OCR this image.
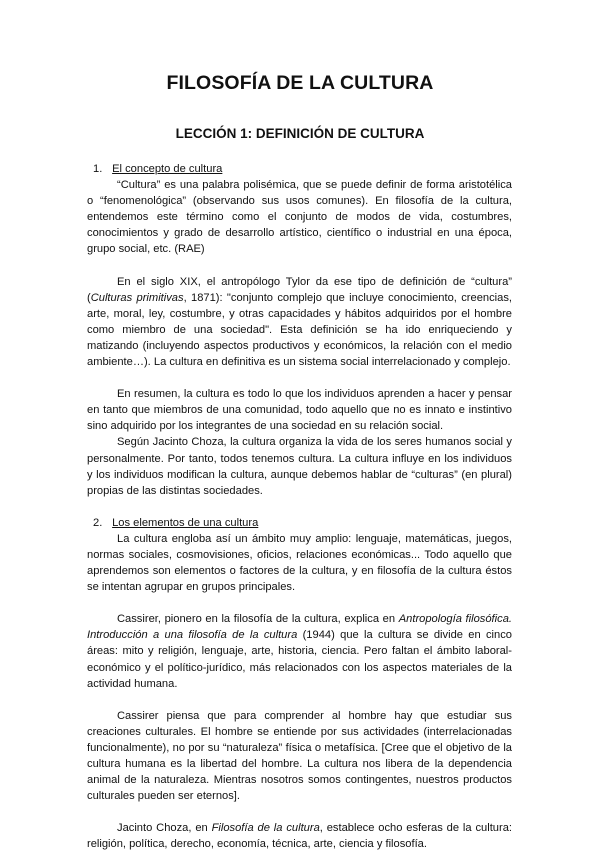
FILOSOFÍA DE LA CULTURA
LECCIÓN 1: DEFINICIÓN DE CULTURA
1. El concepto de cultura

“Cultura” es una palabra polisémica, que se puede definir de forma aristotélica o “fenomenológica” (observando sus usos comunes). En filosofía de la cultura, entendemos este término como el conjunto de modos de vida, costumbres, conocimientos y grado de desarrollo artístico, científico o industrial en una época, grupo social, etc. (RAE)

En el siglo XIX, el antropólogo Tylor da ese tipo de definición de “cultura” (Culturas primitivas, 1871): "conjunto complejo que incluye conocimiento, creencias, arte, moral, ley, costumbre, y otras capacidades y hábitos adquiridos por el hombre como miembro de una sociedad". Esta definición se ha ido enriqueciendo y matizando (incluyendo aspectos productivos y económicos, la relación con el medio ambiente…). La cultura en definitiva es un sistema social interrelacionado y complejo.

En resumen, la cultura es todo lo que los individuos aprenden a hacer y pensar en tanto que miembros de una comunidad, todo aquello que no es innato e instintivo sino adquirido por los integrantes de una sociedad en su relación social.

Según Jacinto Choza, la cultura organiza la vida de los seres humanos social y personalmente. Por tanto, todos tenemos cultura. La cultura influye en los individuos y los individuos modifican la cultura, aunque debemos hablar de “culturas” (en plural) propias de las distintas sociedades.

2. Los elementos de una cultura

La cultura engloba así un ámbito muy amplio: lenguaje, matemáticas, juegos, normas sociales, cosmovisiones, oficios, relaciones económicas... Todo aquello que aprendemos son elementos o factores de la cultura, y en filosofía de la cultura éstos se intentan agrupar en grupos principales.

Cassirer, pionero en la filosofía de la cultura, explica en Antropología filosófica. Introducción a una filosofía de la cultura (1944) que la cultura se divide en cinco áreas: mito y religión, lenguaje, arte, historia, ciencia. Pero faltan el ámbito laboral-económico y el político-jurídico, más relacionados con los aspectos materiales de la actividad humana.

Cassirer piensa que para comprender al hombre hay que estudiar sus creaciones culturales. El hombre se entiende por sus actividades (interrelacionadas funcionalmente), no por su “naturaleza” física o metafísica. [Cree que el objetivo de la cultura humana es la libertad del hombre. La cultura nos libera de la dependencia animal de la naturaleza. Mientras nosotros somos contingentes, nuestros productos culturales pueden ser eternos].

Jacinto Choza, en Filosofía de la cultura, establece ocho esferas de la cultura: religión, política, derecho, economía, técnica, arte, ciencia y filosofía.
